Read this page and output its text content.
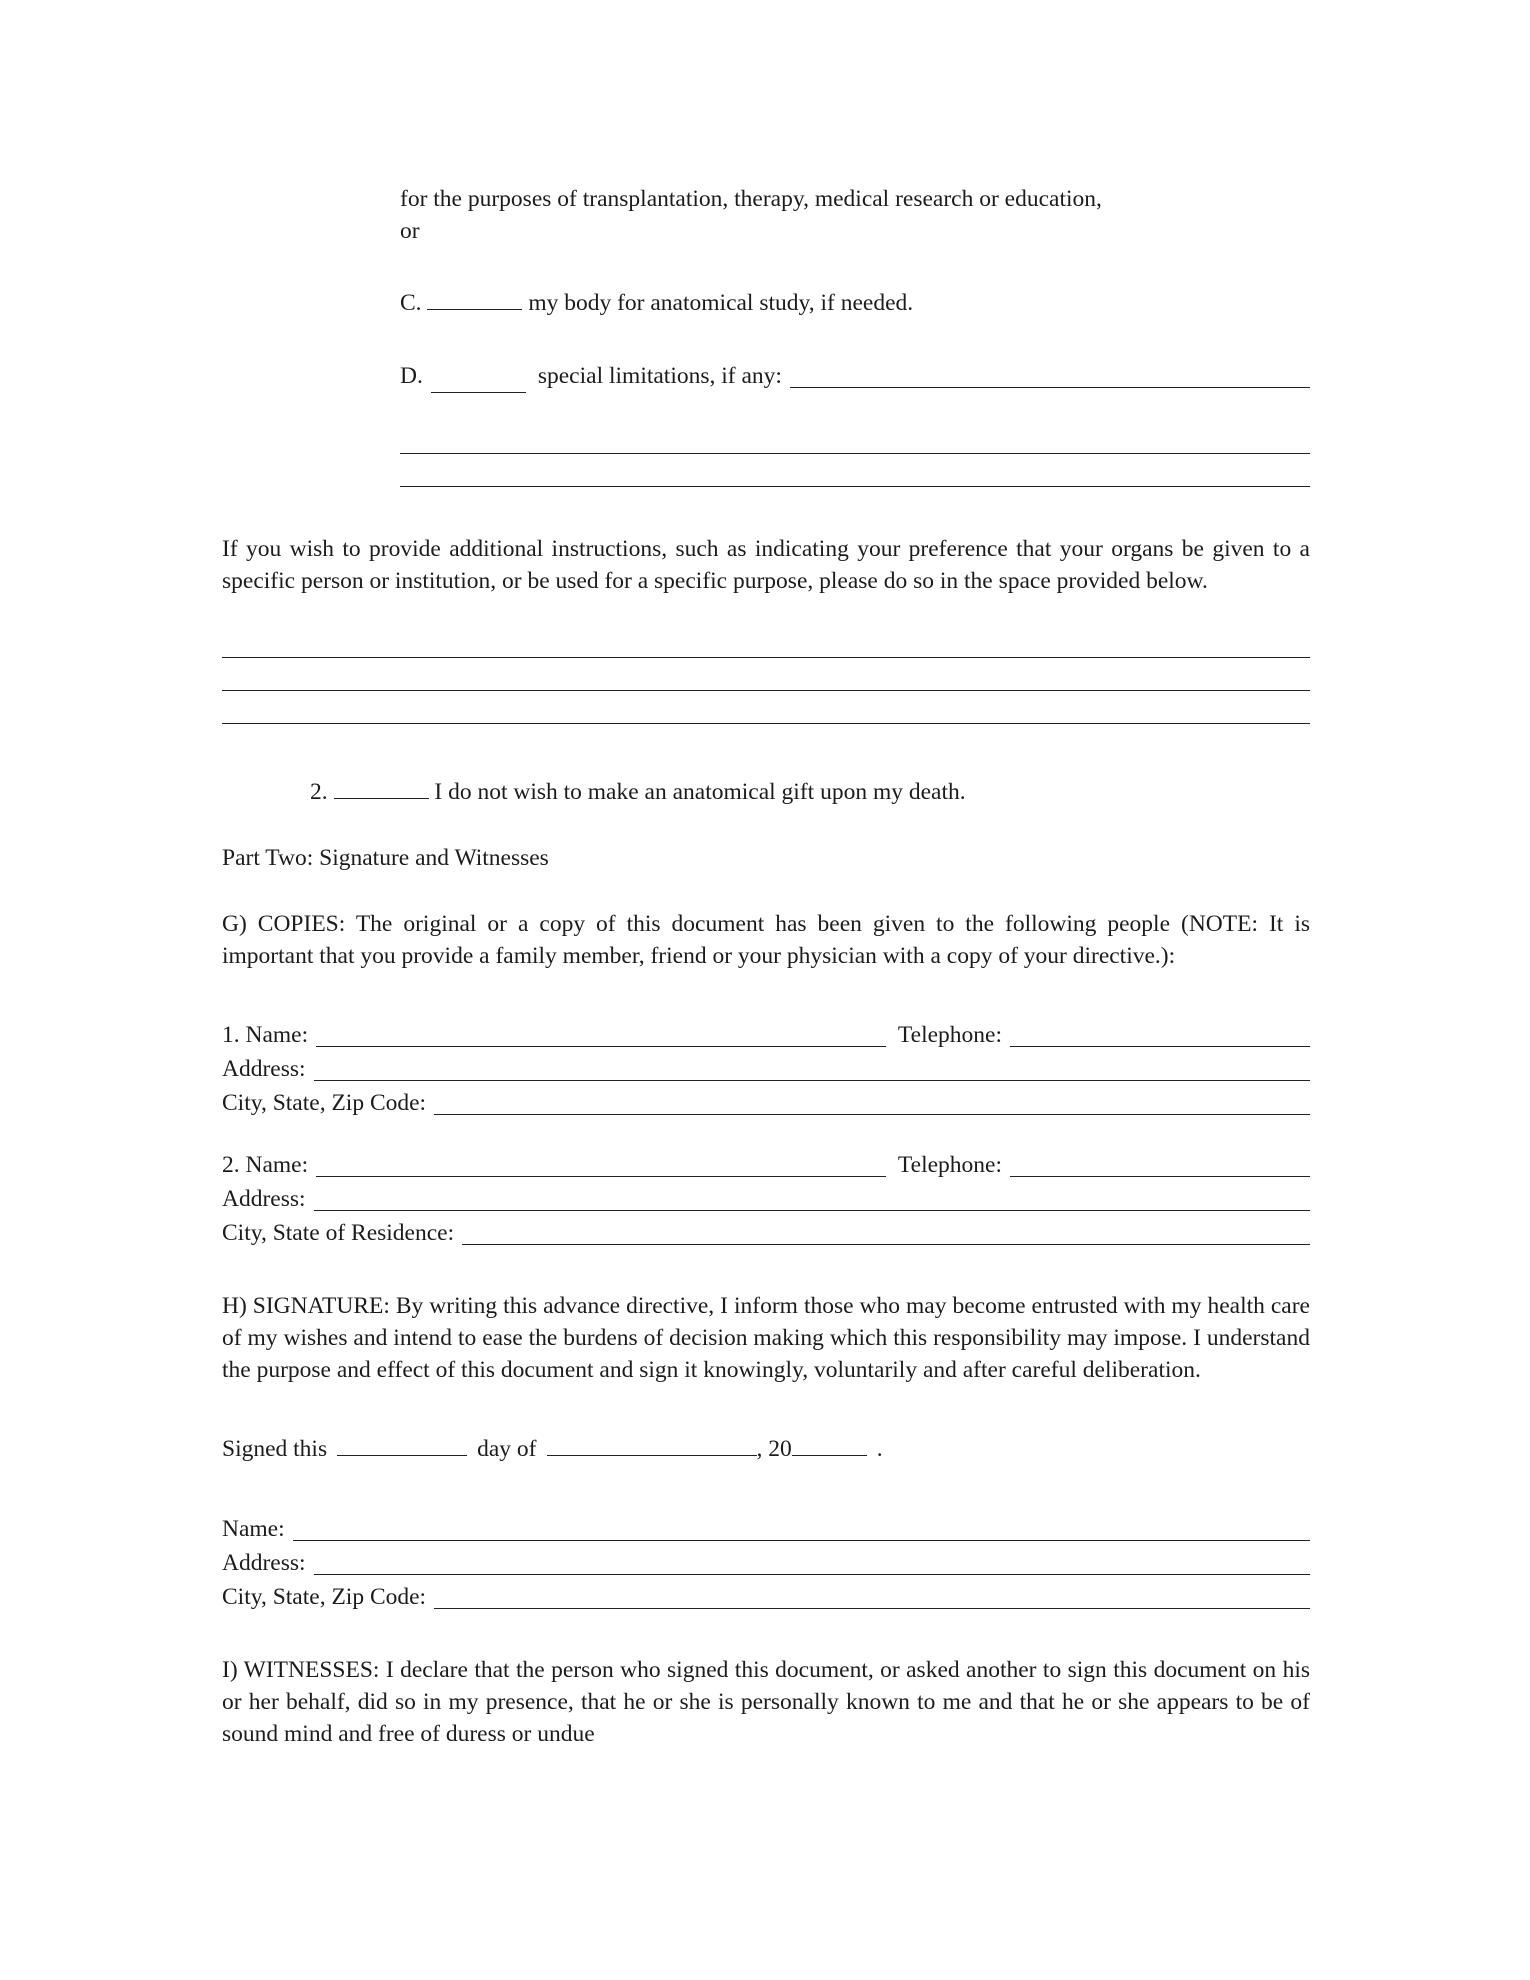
for the purposes of transplantation, therapy, medical research or education,
or
C.	my body for anatomical study, if needed.
D.	special limitations, if any:
If you wish to provide additional instructions, such as indicating your preference that your organs be given to a specific person or institution, or be used for a specific purpose, please do so in the space provided below.
2.	I do not wish to make an anatomical gift upon my death.
Part Two: Signature and Witnesses
G) COPIES: The original or a copy of this document has been given to the following people (NOTE: It is important that you provide a family member, friend or your physician with a copy of your directive.):
1. Name:	Telephone:
Address:
City, State, Zip Code:
2. Name:	Telephone:
Address:
City, State of Residence:
H) SIGNATURE: By writing this advance directive, I inform those who may become entrusted with my health care of my wishes and intend to ease the burdens of decision making which this responsibility may impose. I understand the purpose and effect of this document and sign it knowingly, voluntarily and after careful deliberation.
Signed this	day of	, 20	.
Name:
Address:
City, State, Zip Code:
I) WITNESSES: I declare that the person who signed this document, or asked another to sign this document on his or her behalf, did so in my presence, that he or she is personally known to me and that he or she appears to be of sound mind and free of duress or undue
